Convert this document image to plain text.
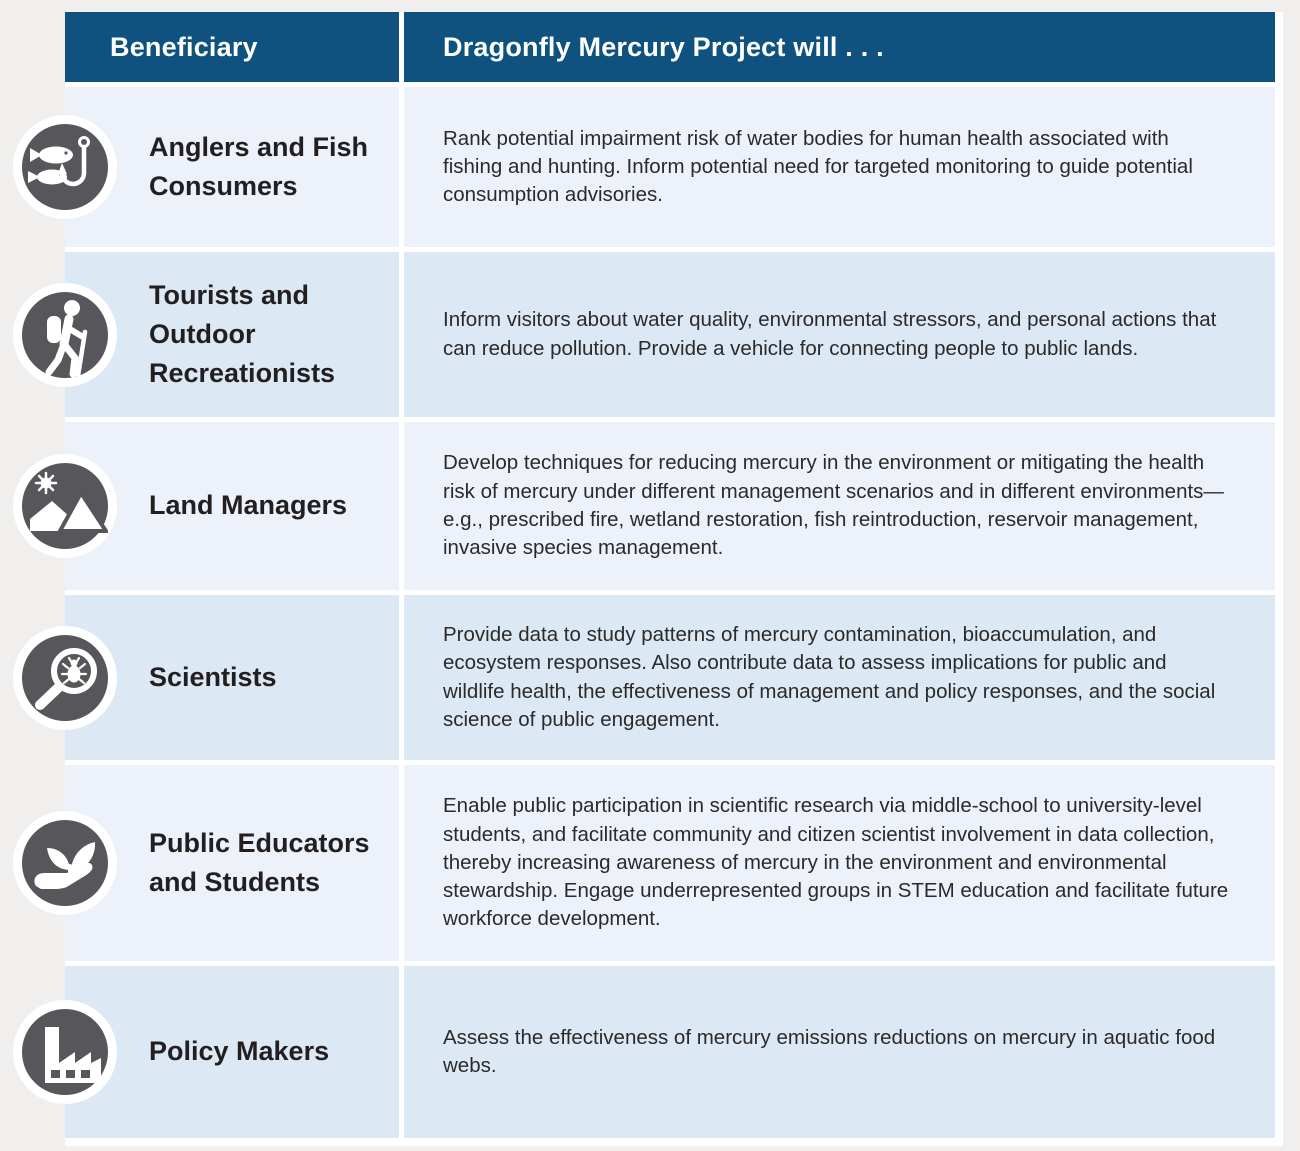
Beneficiary	Dragonfly Mercury Project will . . .
Anglers and Fish Consumers
Rank potential impairment risk of water bodies for human health associated with fishing and hunting. Inform potential need for targeted monitoring to guide potential consumption advisories.
Tourists and Outdoor Recreationists
Inform visitors about water quality, environmental stressors, and personal actions that can reduce pollution. Provide a vehicle for connecting people to public lands.
Land Managers
Develop techniques for reducing mercury in the environment or mitigating the health risk of mercury under different management scenarios and in different environments—e.g., prescribed fire, wetland restoration, fish reintroduction, reservoir management, invasive species management.
Scientists
Provide data to study patterns of mercury contamination, bioaccumulation, and ecosystem responses. Also contribute data to assess implications for public and wildlife health, the effectiveness of management and policy responses, and the social science of public engagement.
Public Educators and Students
Enable public participation in scientific research via middle-school to university-level students, and facilitate community and citizen scientist involvement in data collection, thereby increasing awareness of mercury in the environment and environmental stewardship. Engage underrepresented groups in STEM education and facilitate future workforce development.
Policy Makers	Assess the effectiveness of mercury emissions reductions on mercury in aquatic food webs.
